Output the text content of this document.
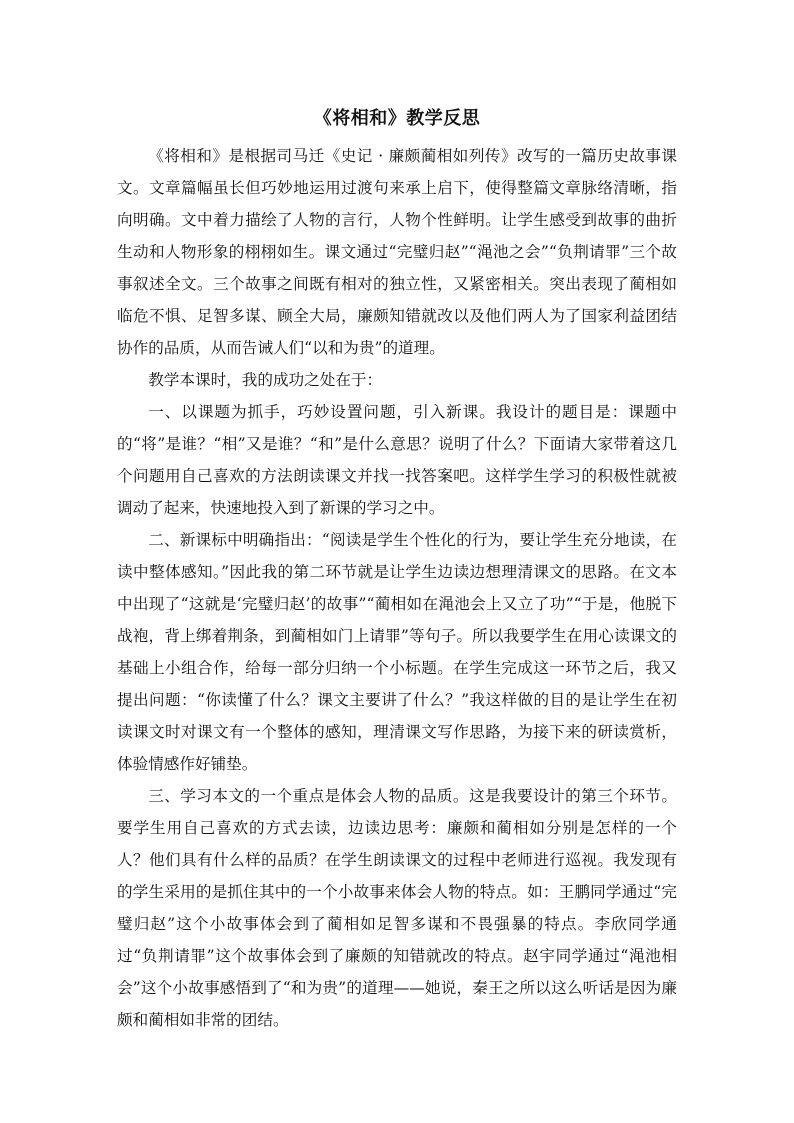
《将相和》教学反思

《将相和》是根据司马迁《史记 · 廉颇蔺相如列传》改写的一篇历史故事课文。文章篇幅虽长但巧妙地运用过渡句来承上启下，使得整篇文章脉络清晰，指向明确。文中着力描绘了人物的言行，人物个性鲜明。让学生感受到故事的曲折生动和人物形象的栩栩如生。课文通过“完璧归赵”“渑池之会”“负荆请罪”三个故事叙述全文。三个故事之间既有相对的独立性，又紧密相关。突出表现了蔺相如临危不惧、足智多谋、顾全大局，廉颇知错就改以及他们两人为了国家利益团结协作的品质，从而告诫人们“以和为贵”的道理。

教学本课时，我的成功之处在于：

一、以课题为抓手，巧妙设置问题，引入新课。我设计的题目是：课题中的“将”是谁？“相”又是谁？“和”是什么意思？说明了什么？下面请大家带着这几个问题用自己喜欢的方法朗读课文并找一找答案吧。这样学生学习的积极性就被调动了起来，快速地投入到了新课的学习之中。

二、新课标中明确指出：“阅读是学生个性化的行为，要让学生充分地读，在读中整体感知。”因此我的第二环节就是让学生边读边想理清课文的思路。在文本中出现了“这就是‘完璧归赵’的故事”“蔺相如在渑池会上又立了功”“于是，他脱下战袍，背上绑着荆条，到蔺相如门上请罪”等句子。所以我要学生在用心读课文的基础上小组合作，给每一部分归纳一个小标题。在学生完成这一环节之后，我又提出问题：“你读懂了什么？课文主要讲了什么？”我这样做的目的是让学生在初读课文时对课文有一个整体的感知，理清课文写作思路，为接下来的研读赏析，体验情感作好铺垫。

三、学习本文的一个重点是体会人物的品质。这是我要设计的第三个环节。要学生用自己喜欢的方式去读，边读边思考：廉颇和蔺相如分别是怎样的一个人？他们具有什么样的品质？在学生朗读课文的过程中老师进行巡视。我发现有的学生采用的是抓住其中的一个小故事来体会人物的特点。如：王鹏同学通过“完璧归赵”这个小故事体会到了蔺相如足智多谋和不畏强暴的特点。李欣同学通过“负荆请罪”这个故事体会到了廉颇的知错就改的特点。赵宇同学通过“渑池相会”这个小故事感悟到了“和为贵”的道理——她说，秦王之所以这么听话是因为廉颇和蔺相如非常的团结。
